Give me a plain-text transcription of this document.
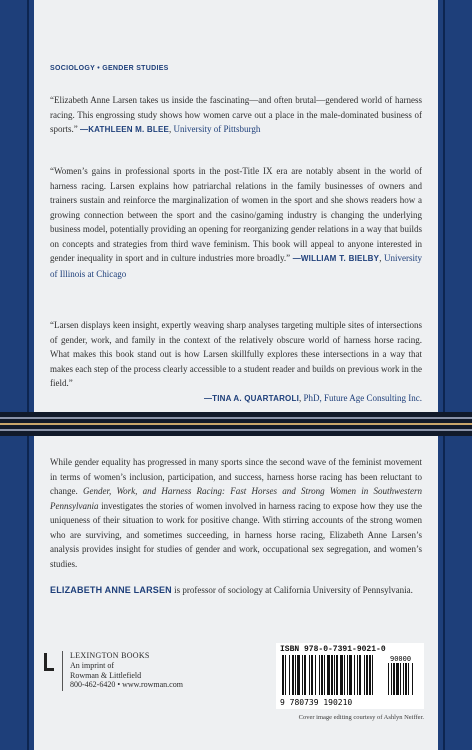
SOCIOLOGY • GENDER STUDIES
“Elizabeth Anne Larsen takes us inside the fascinating—and often brutal—gendered world of harness racing. This engrossing study shows how women carve out a place in the male-dominated business of sports.” —KATHLEEN M. BLEE, University of Pittsburgh
“Women’s gains in professional sports in the post-Title IX era are notably absent in the world of harness racing. Larsen explains how patriarchal relations in the family businesses of owners and trainers sustain and reinforce the marginalization of women in the sport and she shows readers how a growing connection between the sport and the casino/gaming industry is changing the underlying business model, potentially providing an opening for reorganizing gender relations in a way that builds on concepts and strategies from third wave feminism. This book will appeal to anyone interested in gender inequality in sport and in culture industries more broadly.” —WILLIAM T. BIELBY, University of Illinois at Chicago
“Larsen displays keen insight, expertly weaving sharp analyses targeting multiple sites of intersections of gender, work, and family in the context of the relatively obscure world of harness horse racing. What makes this book stand out is how Larsen skillfully explores these intersections in a way that makes each step of the process clearly accessible to a student reader and builds on previous work in the field.”
—TINA A. QUARTAROLI, PhD, Future Age Consulting Inc.
While gender equality has progressed in many sports since the second wave of the feminist movement in terms of women’s inclusion, participation, and success, harness horse racing has been reluctant to change. Gender, Work, and Harness Racing: Fast Horses and Strong Women in Southwestern Pennsylvania investigates the stories of women involved in harness racing to expose how they use the uniqueness of their situation to work for positive change. With stirring accounts of the strong women who are surviving, and sometimes succeeding, in harness horse racing, Elizabeth Anne Larsen’s analysis provides insight for studies of gender and work, occupational sex segregation, and women’s studies.
ELIZABETH ANNE LARSEN is professor of sociology at California University of Pennsylvania.
LEXINGTON BOOKS
An imprint of
Rowman & Littlefield
800-462-6420 • www.rowman.com
ISBN 978-0-7391-9021-0
9 780739 190210
90000
Cover image editing courtesy of Ashlyn Neiffer.
